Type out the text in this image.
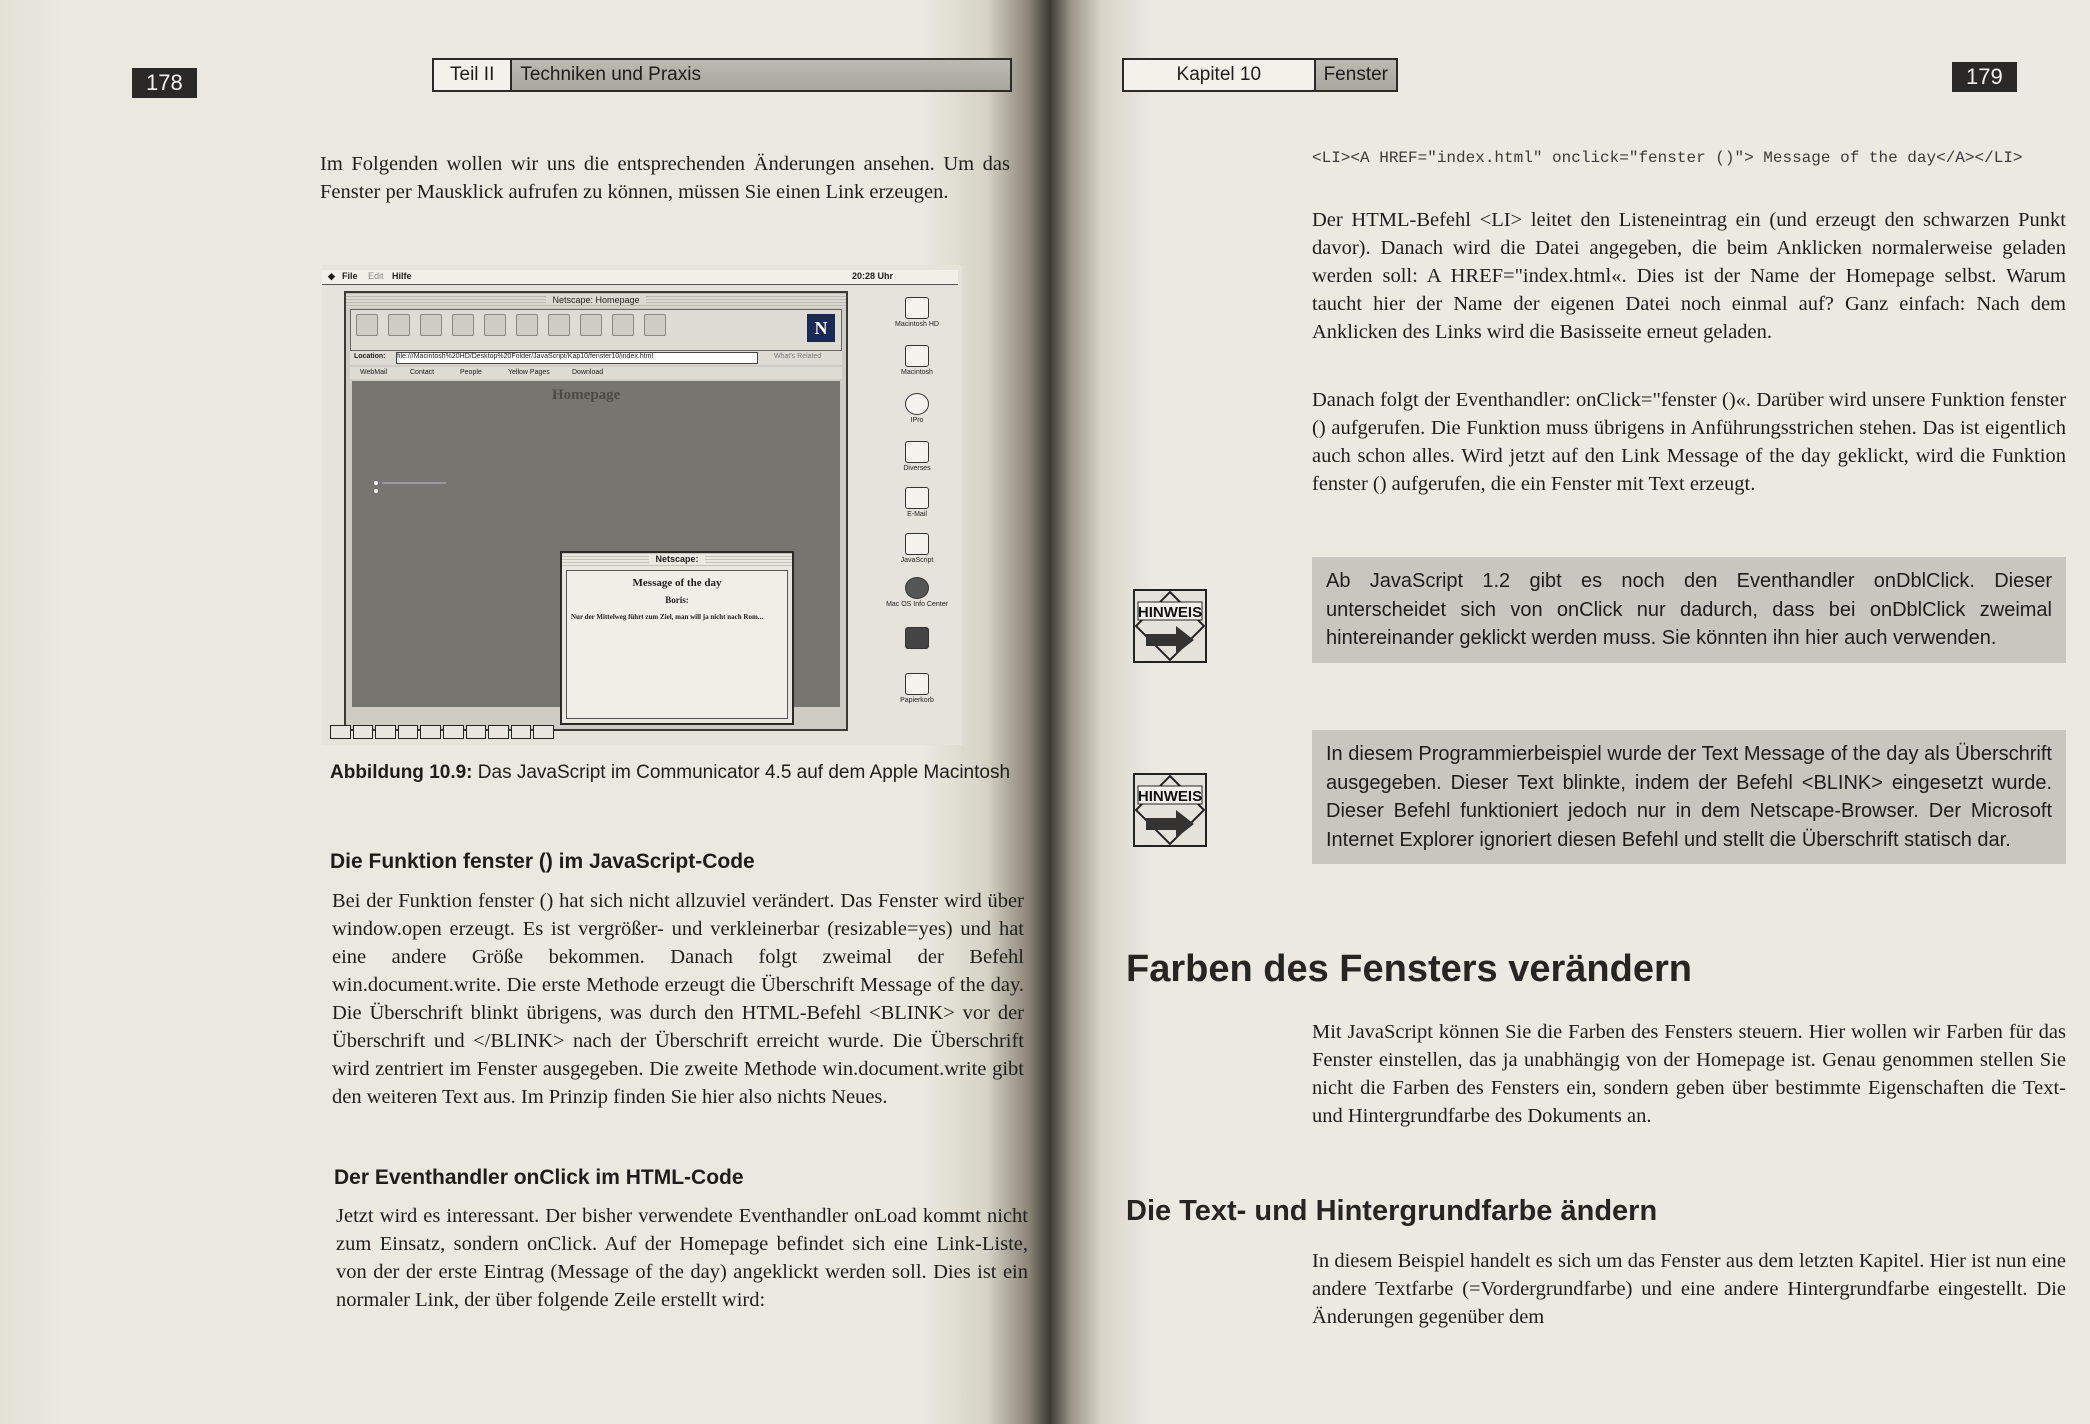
178	Teil II	Techniken und Praxis

Im Folgenden wollen wir uns die entsprechenden Änderungen ansehen. Um das Fenster per Mausklick aufrufen zu können, müssen Sie einen Link erzeugen.

◆ File Edit Hilfe	20:28 Uhr
Netscape: Homepage
N
Location: file:///Macintosh%20HD/Desktop%20Folder/JavaScript/Kap10/fenster10/index.html	What's Related
WebMail	Contact	People	Yellow Pages	Download
Homepage
Netscape:
Message of the day
Boris:
Nur der Mittelweg führt zum Ziel, man will ja nicht nach Rom...
Macintosh HD
Macintosh
IPro
Diverses
E-Mail
JavaScript
Mac OS Info Center
Papierkorb

Abbildung 10.9: Das JavaScript im Communicator 4.5 auf dem Apple Macintosh

Die Funktion fenster () im JavaScript-Code

Bei der Funktion fenster () hat sich nicht allzuviel verändert. Das Fenster wird über window.open erzeugt. Es ist vergrößer- und verkleinerbar (resizable=yes) und hat eine andere Größe bekommen. Danach folgt zweimal der Befehl win.document.write. Die erste Methode erzeugt die Überschrift Message of the day. Die Überschrift blinkt übrigens, was durch den HTML-Befehl <BLINK> vor der Überschrift und </BLINK> nach der Überschrift erreicht wurde. Die Überschrift wird zentriert im Fenster ausgegeben. Die zweite Methode win.document.write gibt den weiteren Text aus. Im Prinzip finden Sie hier also nichts Neues.

Der Eventhandler onClick im HTML-Code

Jetzt wird es interessant. Der bisher verwendete Eventhandler onLoad kommt nicht zum Einsatz, sondern onClick. Auf der Homepage befindet sich eine Link-Liste, von der der erste Eintrag (Message of the day) angeklickt werden soll. Dies ist ein normaler Link, der über folgende Zeile erstellt wird:

Kapitel 10	Fenster	179

<LI><A HREF="index.html" onclick="fenster ()"> Message of the day</A></LI>

Der HTML-Befehl <LI> leitet den Listeneintrag ein (und erzeugt den schwarzen Punkt davor). Danach wird die Datei angegeben, die beim Anklicken normalerweise geladen werden soll: A HREF="index.html«. Dies ist der Name der Homepage selbst. Warum taucht hier der Name der eigenen Datei noch einmal auf? Ganz einfach: Nach dem Anklicken des Links wird die Basisseite erneut geladen.

Danach folgt der Eventhandler: onClick="fenster ()«. Darüber wird unsere Funktion fenster () aufgerufen. Die Funktion muss übrigens in Anführungsstrichen stehen. Das ist eigentlich auch schon alles. Wird jetzt auf den Link Message of the day geklickt, wird die Funktion fenster () aufgerufen, die ein Fenster mit Text erzeugt.

HINWEIS
Ab JavaScript 1.2 gibt es noch den Eventhandler onDblClick. Dieser unterscheidet sich von onClick nur dadurch, dass bei onDblClick zweimal hintereinander geklickt werden muss. Sie könnten ihn hier auch verwenden.
HINWEIS
In diesem Programmierbeispiel wurde der Text Message of the day als Überschrift ausgegeben. Dieser Text blinkte, indem der Befehl <BLINK> eingesetzt wurde. Dieser Befehl funktioniert jedoch nur in dem Netscape-Browser. Der Microsoft Internet Explorer ignoriert diesen Befehl und stellt die Überschrift statisch dar.
Farben des Fensters verändern

Mit JavaScript können Sie die Farben des Fensters steuern. Hier wollen wir Farben für das Fenster einstellen, das ja unabhängig von der Homepage ist. Genau genommen stellen Sie nicht die Farben des Fensters ein, sondern geben über bestimmte Eigenschaften die Text- und Hintergrundfarbe des Dokuments an.

Die Text- und Hintergrundfarbe ändern

In diesem Beispiel handelt es sich um das Fenster aus dem letzten Kapitel. Hier ist nun eine andere Textfarbe (=Vordergrundfarbe) und eine andere Hintergrundfarbe eingestellt. Die Änderungen gegenüber dem
